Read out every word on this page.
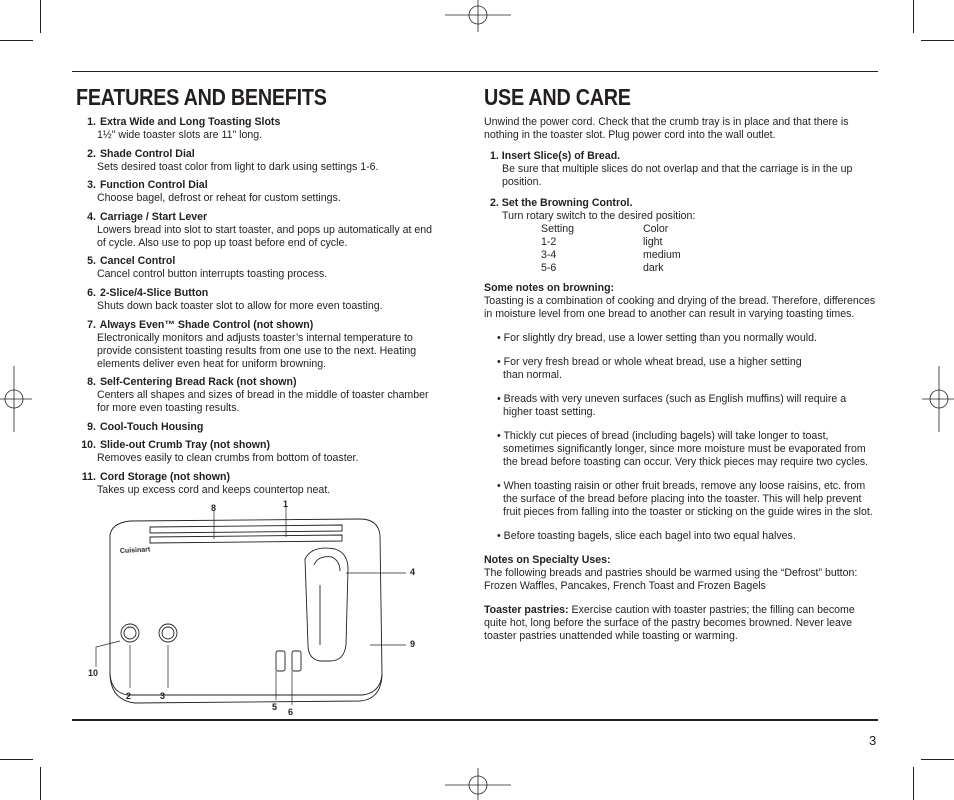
FEATURES AND BENEFITS
1. Extra Wide and Long Toasting Slots
1½" wide toaster slots are 11" long.
2. Shade Control Dial
Sets desired toast color from light to dark using settings 1-6.
3. Function Control Dial
Choose bagel, defrost or reheat for custom settings.
4. Carriage / Start Lever
Lowers bread into slot to start toaster, and pops up automatically at end of cycle. Also use to pop up toast before end of cycle.
5. Cancel Control
Cancel control button interrupts toasting process.
6. 2-Slice/4-Slice Button
Shuts down back toaster slot to allow for more even toasting.
7. Always Even™ Shade Control (not shown)
Electronically monitors and adjusts toaster’s internal temperature to provide consistent toasting results from one use to the next. Heating elements deliver even heat for uniform browning.
8. Self-Centering Bread Rack (not shown)
Centers all shapes and sizes of bread in the middle of toaster chamber for more even toasting results.
9. Cool-Touch Housing
10. Slide-out Crumb Tray (not shown)
Removes easily to clean crumbs from bottom of toaster.
11. Cord Storage (not shown)
Takes up excess cord and keeps countertop neat.
Cuisinart
1
2	3
4
5 6
8
9
10
USE AND CARE

Unwind the power cord. Check that the crumb tray is in place and that there is nothing in the toaster slot. Plug power cord into the wall outlet.

1. Insert Slice(s) of Bread.
Be sure that multiple slices do not overlap and that the carriage is in the up position.
2. Set the Browning Control.
Turn rotary switch to the desired position:
Setting	Color
1-2	light
3-4	medium
5-6	dark
Some notes on browning:

Toasting is a combination of cooking and drying of the bread. Therefore, differences in moisture level from one bread to another can result in varying toasting times.

• For slightly dry bread, use a lower setting than you normally would.

• For very fresh bread or whole wheat bread, use a higher setting than normal.

• Breads with very uneven surfaces (such as English muffins) will require a higher toast setting.

• Thickly cut pieces of bread (including bagels) will take longer to toast, sometimes significantly longer, since more moisture must be evaporated from the bread before toasting can occur. Very thick pieces may require two cycles.

• When toasting raisin or other fruit breads, remove any loose raisins, etc. from the surface of the bread before placing into the toaster. This will help prevent fruit pieces from falling into the toaster or sticking on the guide wires in the slot.

• Before toasting bagels, slice each bagel into two equal halves.

Notes on Specialty Uses:

The following breads and pastries should be warmed using the “Defrost” button: Frozen Waffles, Pancakes, French Toast and Frozen Bagels

Toaster pastries: Exercise caution with toaster pastries; the filling can become quite hot, long before the surface of the pastry becomes browned. Never leave toaster pastries unattended while toasting or warming.

3
